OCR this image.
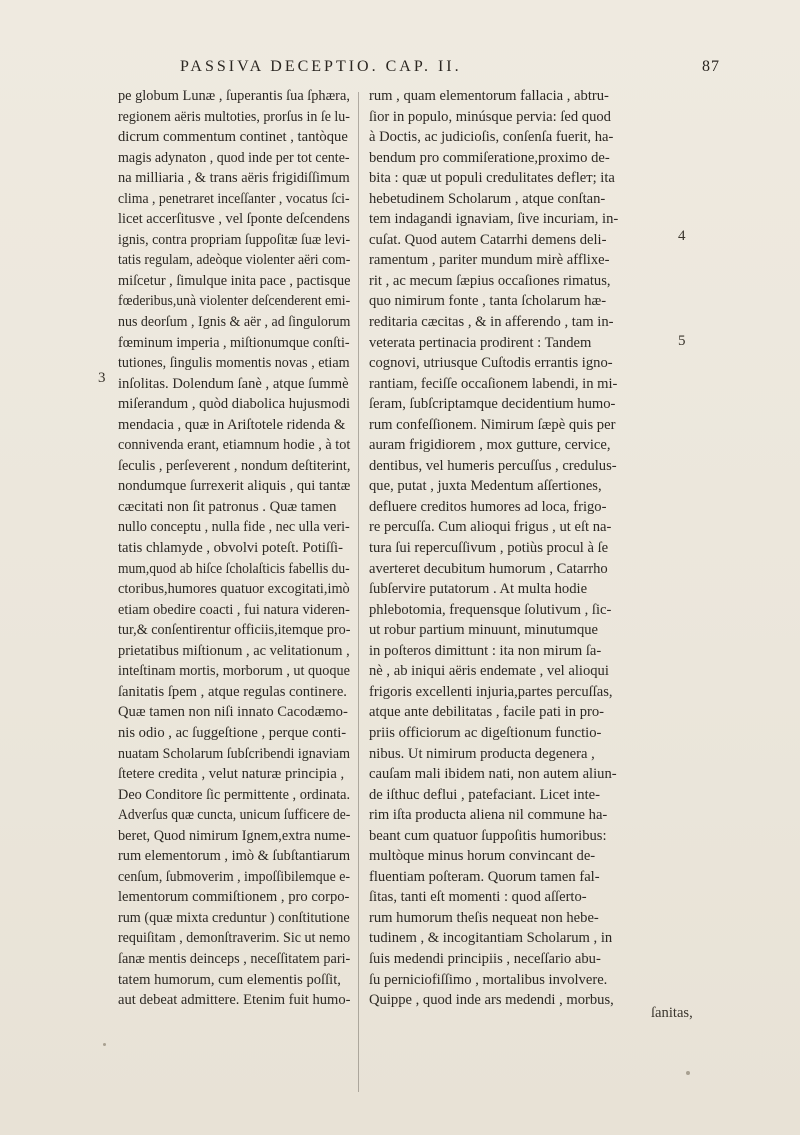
PASSIVA DECEPTIO. CAP. II.	87
pe globum Lunæ , ſuperantis ſua ſphæra,
regionem aëris multoties, prorſus in ſe lu-
dicrum commentum continet , tantòque
magis adynaton , quod inde per tot cente-
na milliaria , & trans aëris frigidiſſimum
clima , penetraret inceſſanter , vocatus ſci-
licet accerſitusve , vel ſponte deſcendens
ignis, contra propriam ſuppoſitæ ſuæ levi-
tatis regulam, adeòque violenter aëri com-
miſcetur , ſimulque inita pace , pactisque
fœderibus,unà violenter deſcenderent emi-
nus deorſum , Ignis & aër , ad ſingulorum
fœminum imperia , miſtionumque conſti-
tutiones, ſingulis momentis novas , etiam
inſolitas. Dolendum ſanè , atque ſummè
miſerandum , quòd diabolica hujusmodi
mendacia , quæ in Ariſtotele ridenda &
connivenda erant, etiamnum hodie , à tot
ſeculis , perſeverent , nondum deſtiterint,
nondumque ſurrexerit aliquis , qui tantæ
cæcitati non ſit patronus . Quæ tamen
nullo conceptu , nulla fide , nec ulla veri-
tatis chlamyde , obvolvi poteſt. Potiſſi-
mum,quod ab hiſce ſcholaſticis fabellis du-
ctoribus,humores quatuor excogitati,imò
etiam obedire coacti , fui natura videren-
tur,& conſentirentur officiis,itemque pro-
prietatibus miſtionum , ac velitationum ,
inteſtinam mortis, morborum , ut quoque
ſanitatis ſpem , atque regulas continere.
Quæ tamen non niſi innato Cacodæmo-
nis odio , ac ſuggeſtione , perque conti-
nuatam Scholarum ſubſcribendi ignaviam
ſtetere credita , velut naturæ principia ,
Deo Conditore ſic permittente , ordinata.
Adverſus quæ cuncta, unicum ſufficere de-
beret, Quod nimirum Ignem,extra nume-
rum elementorum , imò & ſubſtantiarum
cenſum, ſubmoverim , impoſſibilemque e-
lementorum commiſtionem , pro corpo-
rum (quæ mixta creduntur ) conſtitutione
requiſitam , demonſtraverim. Sic ut nemo
ſanæ mentis deinceps , neceſſitatem pari-
tatem humorum, cum elementis poſſit,
aut debeat admittere. Etenim fuit humo-
rum , quam elementorum fallacia , abtru-
ſior in populo, minúsque pervia: ſed quod
à Doctis, ac judicioſis, conſenſa fuerit, ha-
bendum pro commiſeratione,proximo de-
bita : quæ ut populi credulitates defleт; ita
hebetudinem Scholarum , atque conſtan-
tem indagandi ignaviam, ſive incuriam, in-
cuſat. Quod autem Catarrhi demens deli-
ramentum , pariter mundum mirè afflixe-
rit , ac mecum ſæpius occaſiones rimatus,
quo nimirum fonte , tanta ſcholarum hæ-
reditaria cæcitas , & in afferendo , tam in-
veterata pertinacia prodirent : Tandem
cognovi, utriusque Cuſtodis errantis igno-
rantiam, feciſſe occaſionem labendi, in mi-
ſeram, ſubſcriptamque decidentium humo-
rum confeſſionem. Nimirum ſæpè quis per
auram frigidiorem , mox gutture, cervice,
dentibus, vel humeris percuſſus , credulus-
que, putat , juxta Medentum aſſertiones,
defluere creditos humores ad loca, frigo-
re percuſſa. Cum alioqui frigus , ut eſt na-
tura ſui repercuſſivum , potiùs procul à ſe
averteret decubitum humorum , Catarrho
ſubſervire putatorum . At multa hodie
phlebotomia, frequensque ſolutivum , ſic-
ut robur partium minuunt, minutumque
in poſteros dimittunt : ita non mirum ſa-
nè , ab iniqui aëris endemate , vel alioqui
frigoris excellenti injuria,partes percuſſas,
atque ante debilitatas , facile pati in pro-
priis officiorum ac digeſtionum functio-
nibus. Ut nimirum producta degenera ,
cauſam mali ibidem nati, non autem aliun-
de iſthuc deflui , patefaciant. Licet inte-
rim iſta producta aliena nil commune ha-
beant cum quatuor ſuppoſitis humoribus:
multòque minus horum convincant de-
fluentiam poſteram. Quorum tamen fal-
ſitas, tanti eſt momenti : quod aſſerto-
rum humorum theſis nequeat non hebe-
tudinem , & incogitantiam Scholarum , in
ſuis medendi principiis , neceſſario abu-
ſu perniciofiſſimo , mortalibus involvere.
Quippe , quod inde ars medendi , morbus,
3
4
5
ſanitas,
